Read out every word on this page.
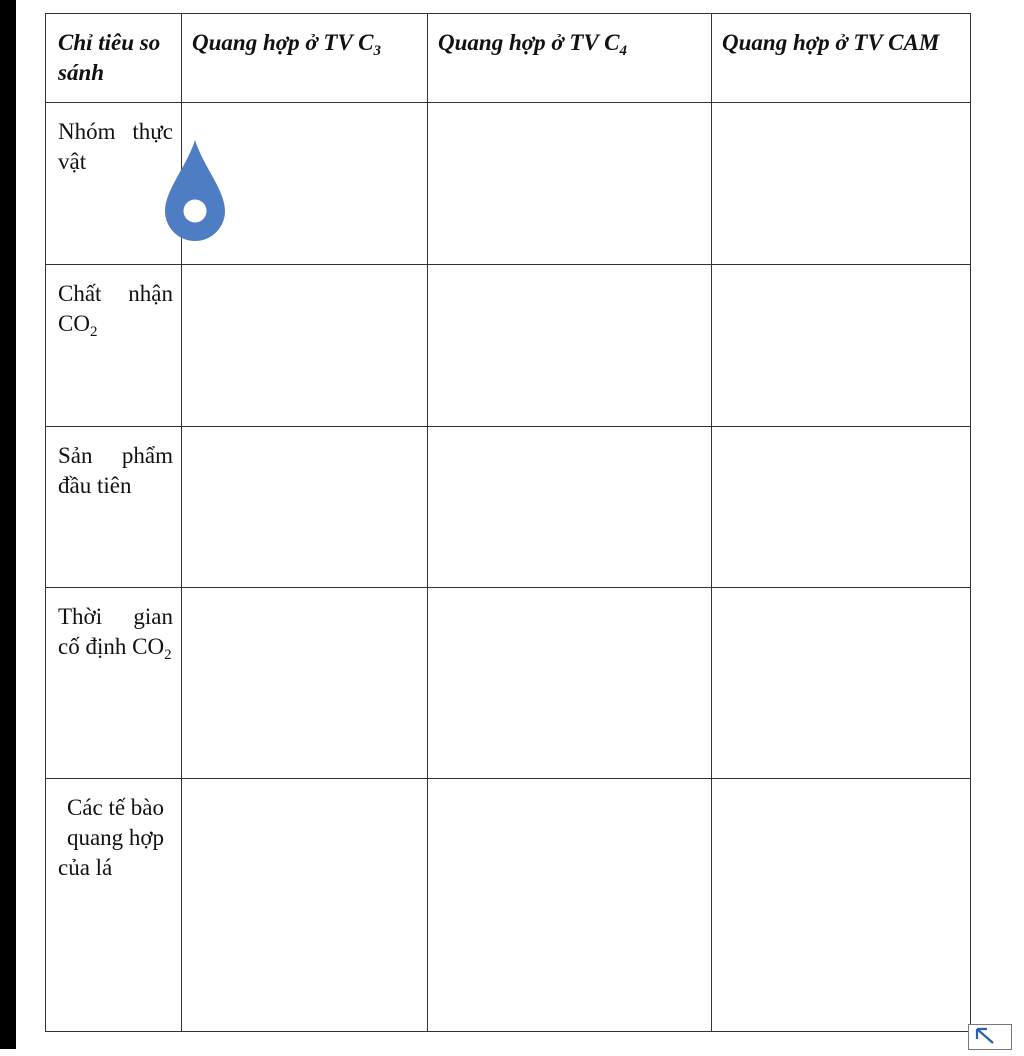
Chỉ tiêu so sánh	Quang hợp ở TV $C_3$	Quang hợp ở TV $C_4$	Quang hợp ở TV CAM
Nhóm thực vật			
Chất nhận $CO_2$			
Sản phẩm đầu tiên			
Thời gian cố định $CO_2$			
Các tế bào quang hợp của lá			
